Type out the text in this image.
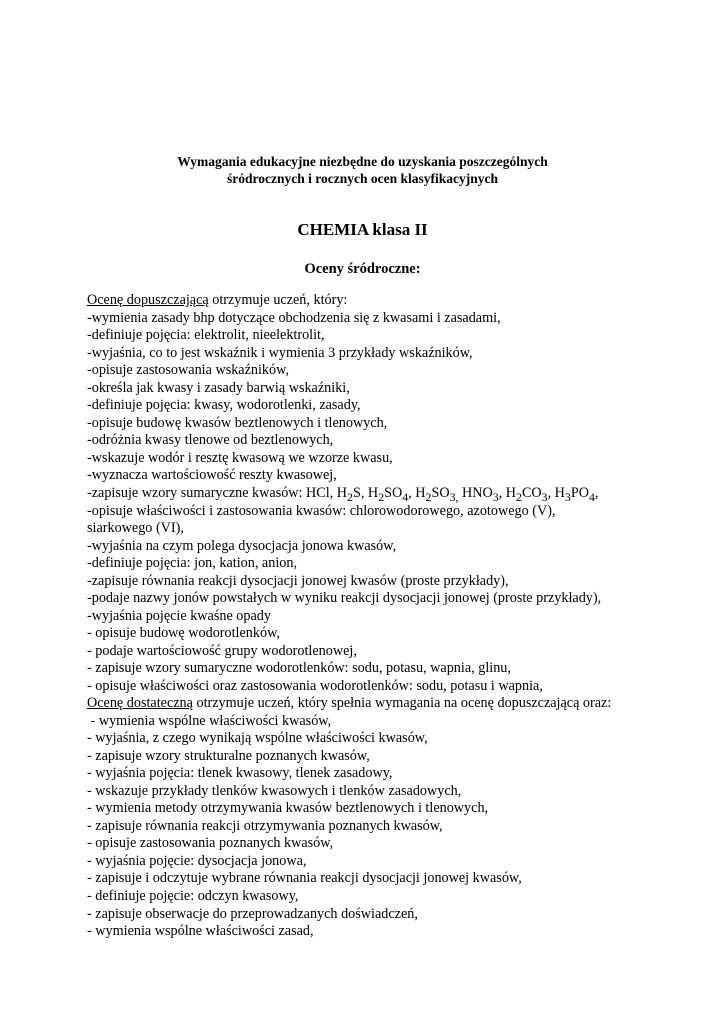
Wymagania edukacyjne niezbędne do uzyskania poszczególnych
śródrocznych i rocznych ocen klasyfikacyjnych
CHEMIA klasa II
Oceny śródroczne:
Ocenę dopuszczającą otrzymuje uczeń, który:
-wymienia zasady bhp dotyczące obchodzenia się z kwasami i zasadami,
-definiuje pojęcia: elektrolit, nieelektrolit,
-wyjaśnia, co to jest wskaźnik i wymienia 3 przykłady wskaźników,
-opisuje zastosowania wskaźników,
-określa jak kwasy i zasady barwią wskaźniki,
-definiuje pojęcia: kwasy, wodorotlenki, zasady,
-opisuje budowę kwasów beztlenowych i tlenowych,
-odróżnia kwasy tlenowe od beztlenowych,
-wskazuje wodór i resztę kwasową we wzorze kwasu,
-wyznacza wartościowość reszty kwasowej,
-zapisuje wzory sumaryczne kwasów: HCl, $H_2S$, $H_2SO_4$, $H_2SO_{3,}$ $HNO_3$, $H_2CO_3$, $H_3PO_4$,
-opisuje właściwości i zastosowania kwasów: chlorowodorowego, azotowego (V),
siarkowego (VI),
-wyjaśnia na czym polega dysocjacja jonowa kwasów,
-definiuje pojęcia: jon, kation, anion,
-zapisuje równania reakcji dysocjacji jonowej kwasów (proste przykłady),
-podaje nazwy jonów powstałych w wyniku reakcji dysocjacji jonowej (proste przykłady),
-wyjaśnia pojęcie kwaśne opady
- opisuje budowę wodorotlenków,
- podaje wartościowość grupy wodorotlenowej,
- zapisuje wzory sumaryczne wodorotlenków: sodu, potasu, wapnia, glinu,
- opisuje właściwości oraz zastosowania wodorotlenków: sodu, potasu i wapnia,
Ocenę dostateczną otrzymuje uczeń, który spełnia wymagania na ocenę dopuszczającą oraz:
- wymienia wspólne właściwości kwasów,
- wyjaśnia, z czego wynikają wspólne właściwości kwasów,
- zapisuje wzory strukturalne poznanych kwasów,
- wyjaśnia pojęcia: tlenek kwasowy, tlenek zasadowy,
- wskazuje przykłady tlenków kwasowych i tlenków zasadowych,
- wymienia metody otrzymywania kwasów beztlenowych i tlenowych,
- zapisuje równania reakcji otrzymywania poznanych kwasów,
- opisuje zastosowania poznanych kwasów,
- wyjaśnia pojęcie: dysocjacja jonowa,
- zapisuje i odczytuje wybrane równania reakcji dysocjacji jonowej kwasów,
- definiuje pojęcie: odczyn kwasowy,
- zapisuje obserwacje do przeprowadzanych doświadczeń,
- wymienia wspólne właściwości zasad,
